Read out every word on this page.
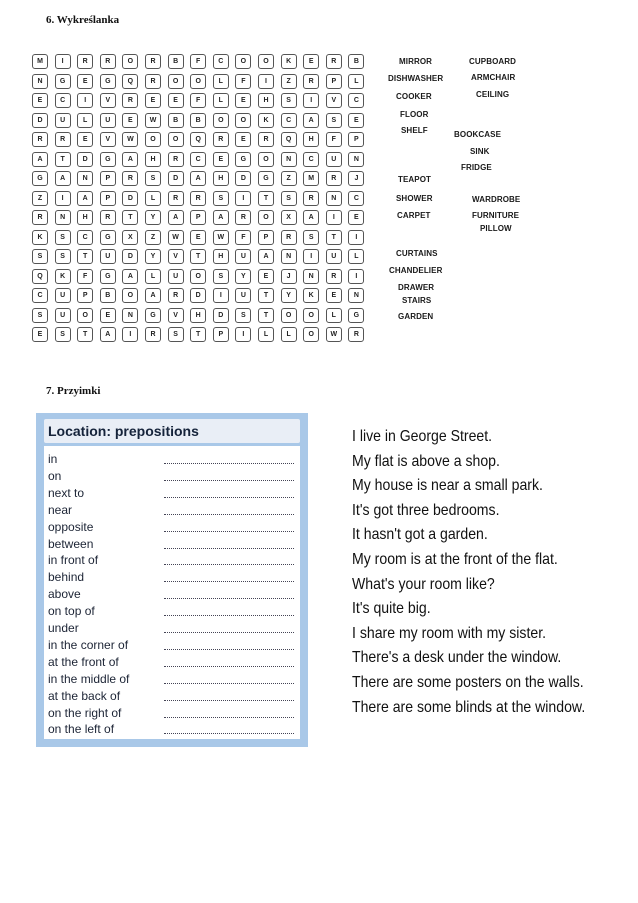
6. Wykreślanka
M	I	R	R	O	R	B	F	C	O	O	K	E	R	B
N	G	E	G	Q	R	O	O	L	F	I	Z	R	P	L
E	C	I	V	R	E	E	F	L	E	H	S	I	V	C
D	U	L	U	E	W	B	B	O	O	K	C	A	S	E
R	R	E	V	W	O	O	Q	R	E	R	Q	H	F	P
A	T	D	G	A	H	R	C	E	G	O	N	C	U	N
G	A	N	P	R	S	D	A	H	D	G	Z	M	R	J
Z	I	A	P	D	L	R	R	S	I	T	S	R	N	C
R	N	H	R	T	Y	A	P	A	R	O	X	A	I	E
K	S	C	G	X	Z	W	E	W	F	P	R	S	T	I
S	S	T	U	D	Y	V	T	H	U	A	N	I	U	L
Q	K	F	G	A	L	U	O	S	Y	E	J	N	R	I
C	U	P	B	O	A	R	D	I	U	T	Y	K	E	N
S	U	O	E	N	G	V	H	D	S	T	O	O	L	G
E	S	T	A	I	R	S	T	P	I	L	L	O	W	R
MIRROR	CUPBOARD
DISHWASHER	ARMCHAIR
COOKER	CEILING
FLOOR
SHELF	BOOKCASE
SINK
FRIDGE
TEAPOT
SHOWER	WARDROBE
CARPET	FURNITURE
PILLOW
CURTAINS
CHANDELIER
DRAWER
STAIRS
GARDEN
7. Przyimki
Location: prepositions
in
on
next to
near
opposite
between
in front of
behind
above
on top of
under
in the corner of
at the front of
in the middle of
at the back of
on the right of
on the left of
I live in George Street.
My flat is above a shop.
My house is near a small park.
It's got three bedrooms.
It hasn't got a garden.
My room is at the front of the flat.
What's your room like?
It's quite big.
I share my room with my sister.
There's a desk under the window.
There are some posters on the walls.
There are some blinds at the window.
